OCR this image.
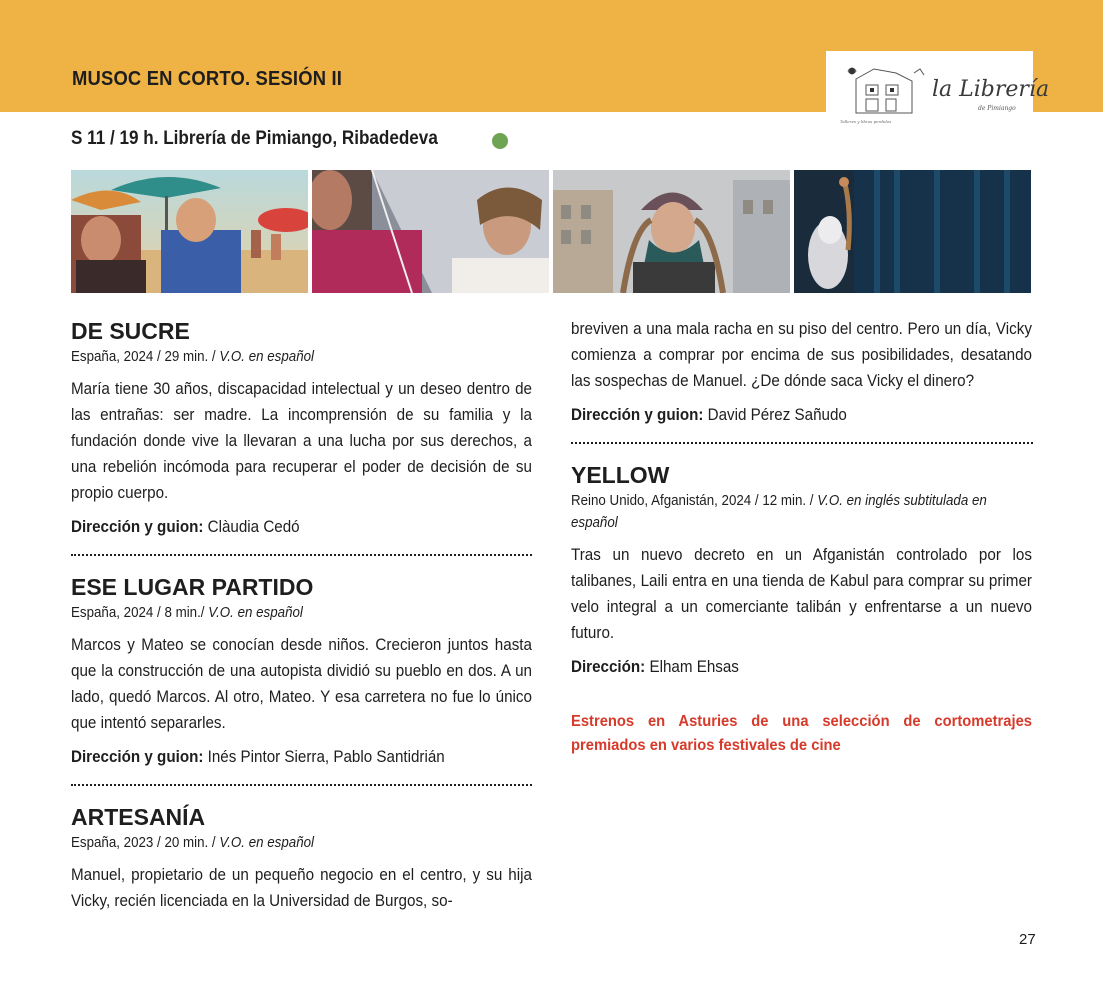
MUSOC EN CORTO. SESIÓN II	la Librería
de Pimiango
Talleres y libros perdidos

S 11 / 19 h. Librería de Pimiango, Ribadedeva

DE SUCRE

España, 2024 / 29 min. / V.O. en español

María tiene 30 años, discapacidad intelectual y un deseo dentro de las entrañas: ser madre. La incomprensión de su familia y la fundación donde vive la llevaran a una lucha por sus derechos, a una rebelión incómoda para recuperar el poder de decisión de su propio cuerpo.

Dirección y guion: Clàudia Cedó

ESE LUGAR PARTIDO

España, 2024 / 8 min./ V.O. en español

Marcos y Mateo se conocían desde niños. Crecieron juntos hasta que la construcción de una autopista dividió su pueblo en dos. A un lado, quedó Marcos. Al otro, Mateo. Y esa carretera no fue lo único que intentó separarles.

Dirección y guion: Inés Pintor Sierra, Pablo Santidrián

ARTESANÍA

España, 2023 / 20 min. / V.O. en español

Manuel, propietario de un pequeño negocio en el centro, y su hija Vicky, recién licenciada en la Universidad de Burgos, so-

breviven a una mala racha en su piso del centro. Pero un día, Vicky comienza a comprar por encima de sus posibilidades, desatando las sospechas de Manuel. ¿De dónde saca Vicky el dinero?

Dirección y guion: David Pérez Sañudo

YELLOW

Reino Unido, Afganistán, 2024 / 12 min. / V.O. en inglés subtitulada en español

Tras un nuevo decreto en un Afganistán controlado por los talibanes, Laili entra en una tienda de Kabul para comprar su primer velo integral a un comerciante talibán y enfrentarse a un nuevo futuro.

Dirección: Elham Ehsas

Estrenos en Asturies de una selección de cortometrajes premiados en varios festivales de cine

27
